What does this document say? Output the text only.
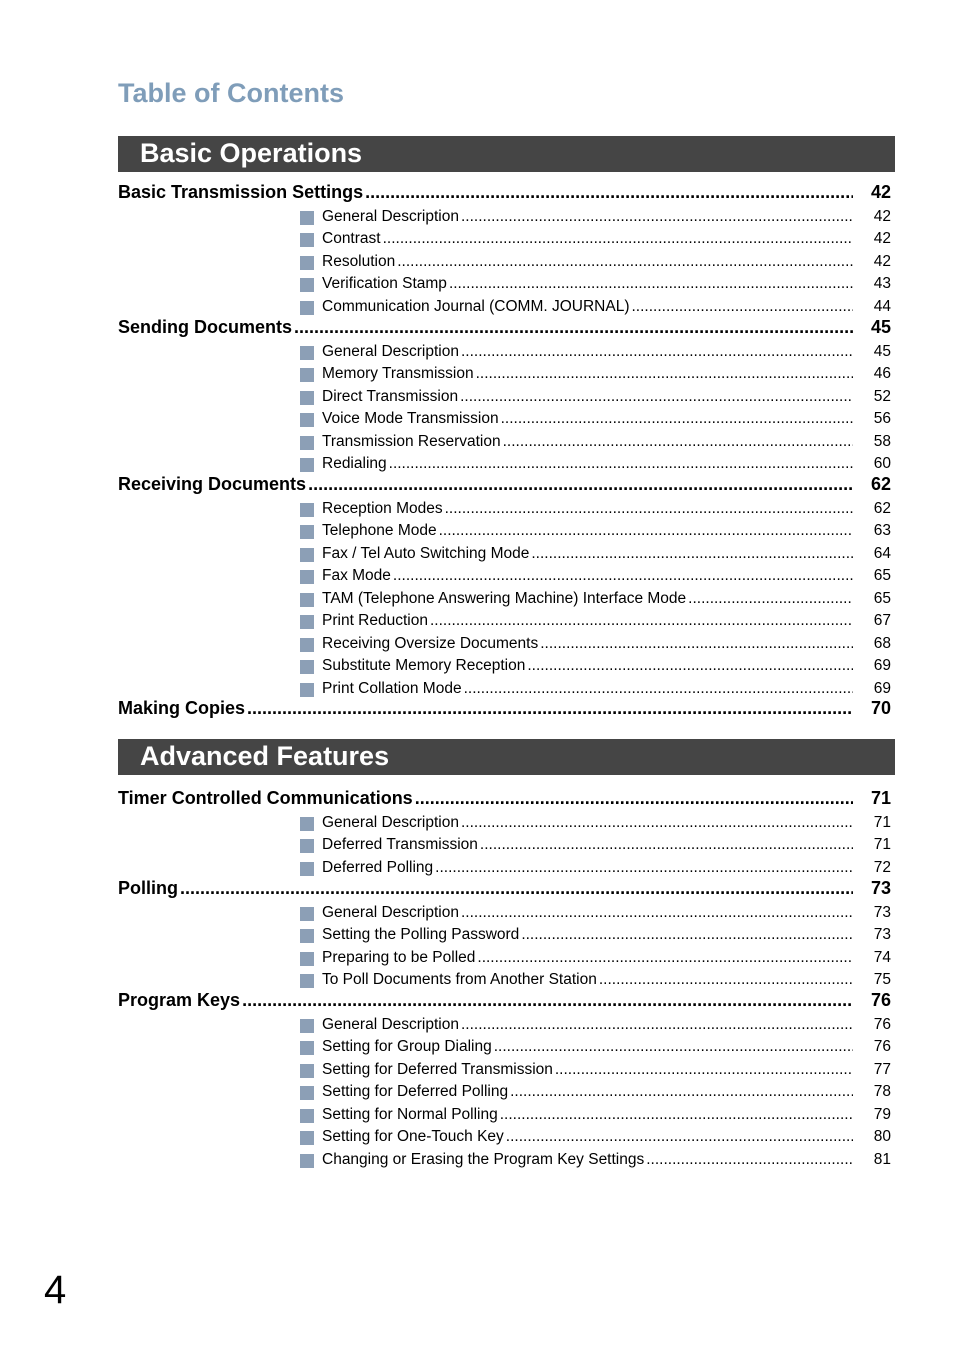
Table of Contents
Basic Operations
Basic Transmission Settings .....	42
General Description .....	42
Contrast .....	42
Resolution .....	42
Verification Stamp .....	43
Communication Journal (COMM. JOURNAL) .....	44
Sending Documents .....	45
General Description .....	45
Memory Transmission .....	46
Direct Transmission .....	52
Voice Mode Transmission .....	56
Transmission Reservation .....	58
Redialing .....	60
Receiving Documents .....	62
Reception Modes .....	62
Telephone Mode .....	63
Fax / Tel Auto Switching Mode .....	64
Fax Mode .....	65
TAM (Telephone Answering Machine) Interface Mode .....	65
Print Reduction .....	67
Receiving Oversize Documents .....	68
Substitute Memory Reception .....	69
Print Collation Mode .....	69
Making Copies .....	70
Advanced Features
Timer Controlled Communications .....	71
General Description .....	71
Deferred Transmission .....	71
Deferred Polling .....	72
Polling .....	73
General Description .....	73
Setting the Polling Password .....	73
Preparing to be Polled .....	74
To Poll Documents from Another Station .....	75
Program Keys .....	76
General Description .....	76
Setting for Group Dialing .....	76
Setting for Deferred Transmission .....	77
Setting for Deferred Polling .....	78
Setting for Normal Polling .....	79
Setting for One-Touch Key .....	80
Changing or Erasing the Program Key Settings .....	81
4
